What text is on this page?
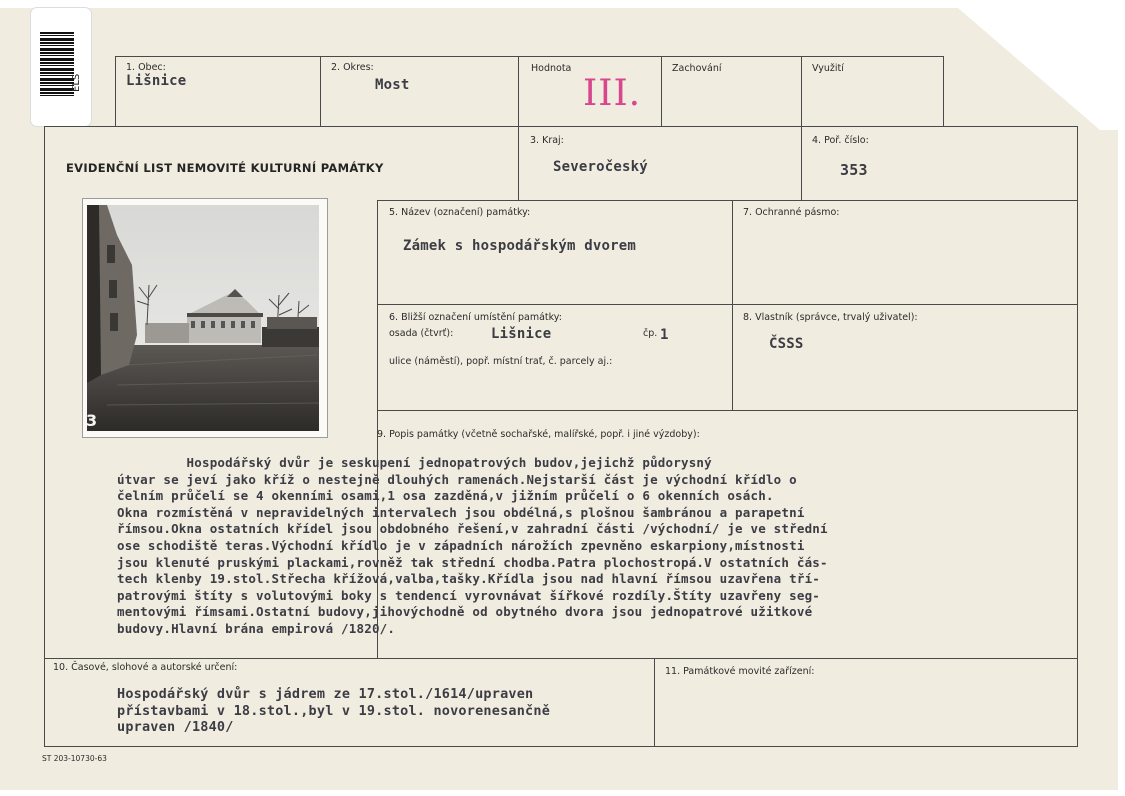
ELS
1. Obec:
Lišnice
2. Okres:
Most
Hodnota
III.
Zachování	Využití
EVIDENČNÍ LIST NEMOVITÉ KULTURNÍ PAMÁTKY
3. Kraj:
Severočeský
4. Poř. číslo:
353
3
5. Název (označení) památky:
Zámek s hospodářským dvorem
7. Ochranné pásmo:
6. Bližší označení umístění památky:
osada (čtvrť):	Lišnice	čp. 1
ulice (náměstí), popř. místní trať, č. parcely aj.:
8. Vlastník (správce, trvalý uživatel):
ČSSS
9. Popis památky (včetně sochařské, malířské, popř. i jiné výzdoby):
Hospodářský dvůr je seskupení jednopatrových budov,jejichž půdorysný
útvar se jeví jako kříž o nestejně dlouhých ramenách.Nejstarší část je východní křídlo o
čelním průčelí se 4 okenními osami,1 osa zazděná,v jižním průčelí o 6 okenních osách.
Okna rozmístěná v nepravidelných intervalech jsou obdélná,s plošnou šambránou a parapetní
římsou.Okna ostatních křídel jsou obdobného řešení,v zahradní části /východní/ je ve střední
ose schodiště teras.Východní křídlo je v západních nárožích zpevněno eskarpiony,místnosti
jsou klenuté pruskými plackami,rovněž tak střední chodba.Patra plochostropá.V ostatních čás-
tech klenby 19.stol.Střecha křížová,valba,tašky.Křídla jsou nad hlavní římsou uzavřena tří-
patrovými štíty s volutovými boky s tendencí vyrovnávat šířkové rozdíly.Štíty uzavřeny seg-
mentovými římsami.Ostatní budovy,jihovýchodně od obytného dvora jsou jednopatrové užitkové
budovy.Hlavní brána empirová /1820/.
10. Časové, slohové a autorské určení:
Hospodářský dvůr s jádrem ze 17.stol./1614/upraven
přístavbami v 18.stol.,byl v 19.stol. novorenesančně
upraven /1840/
11. Památkové movité zařízení:
ST 203-10730-63
